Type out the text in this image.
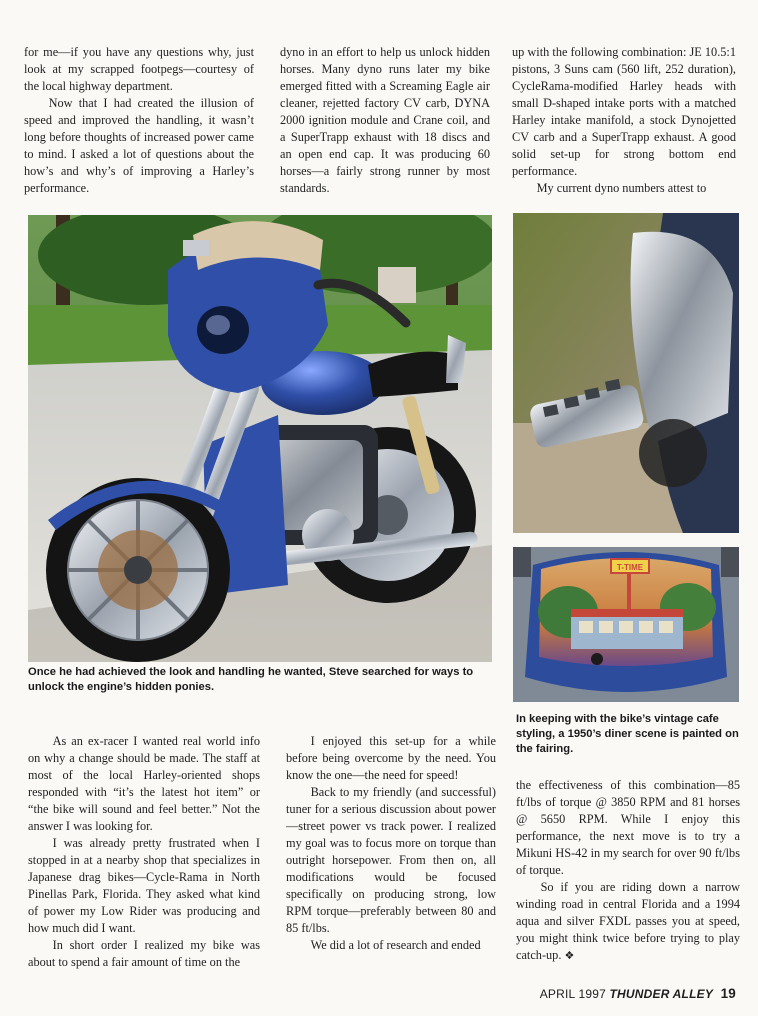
for me—if you have any questions why, just look at my scrapped footpegs—courtesy of the local highway department.

Now that I had created the illusion of speed and improved the handling, it wasn’t long before thoughts of increased power came to mind. I asked a lot of questions about the how’s and why’s of improving a Harley’s performance.

dyno in an effort to help us unlock hidden horses. Many dyno runs later my bike emerged fitted with a Screaming Eagle air cleaner, rejetted factory CV carb, DYNA 2000 ignition module and Crane coil, and a SuperTrapp exhaust with 18 discs and an open end cap. It was producing 60 horses—a fairly strong runner by most standards.

up with the following combination: JE 10.5:1 pistons, 3 Suns cam (560 lift, 252 duration), CycleRama-modified Harley heads with small D-shaped intake ports with a matched Harley intake manifold, a stock Dynojetted CV carb and a SuperTrapp exhaust. A good solid set-up for strong bottom end performance.

My current dyno numbers attest to

T-TIME
Once he had achieved the look and handling he wanted, Steve searched for ways to unlock the engine’s hidden ponies.
In keeping with the bike’s vintage cafe styling, a 1950’s diner scene is painted on the fairing.

As an ex-racer I wanted real world info on why a change should be made. The staff at most of the local Harley-oriented shops responded with “it’s the latest hot item” or “the bike will sound and feel better.” Not the answer I was looking for.

I was already pretty frustrated when I stopped in at a nearby shop that specializes in Japanese drag bikes—Cycle-Rama in North Pinellas Park, Florida. They asked what kind of power my Low Rider was producing and how much did I want.

In short order I realized my bike was about to spend a fair amount of time on the

I enjoyed this set-up for a while before being overcome by the need. You know the one—the need for speed!

Back to my friendly (and successful) tuner for a serious discussion about power—street power vs track power. I realized my goal was to focus more on torque than outright horsepower. From then on, all modifications would be focused specifically on producing strong, low RPM torque—preferably between 80 and 85 ft/lbs.

We did a lot of research and ended

the effectiveness of this combination—85 ft/lbs of torque @ 3850 RPM and 81 horses @ 5650 RPM. While I enjoy this performance, the next move is to try a Mikuni HS-42 in my search for over 90 ft/lbs of torque.

So if you are riding down a narrow winding road in central Florida and a 1994 aqua and silver FXDL passes you at speed, you might think twice before trying to play catch-up. ❖

APRIL 1997 THUNDER ALLEY 19
